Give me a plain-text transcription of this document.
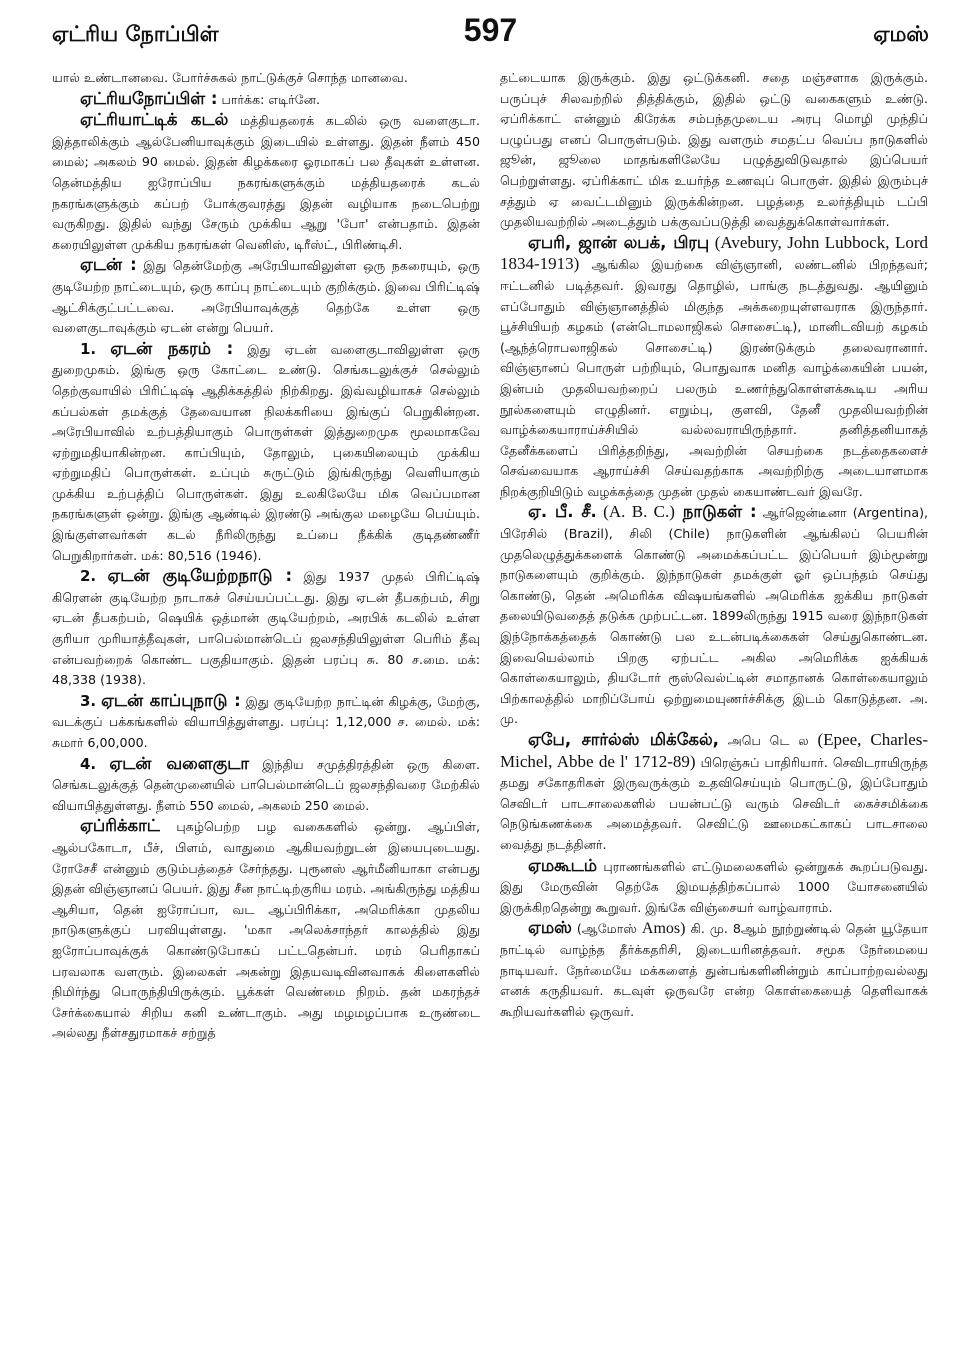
ஏட்ரிய நோப்பிள்	597	ஏமஸ்

யால் உண்டானவை. போர்ச்சுகல் நாட்டுக்குச் சொந்த மானவை.

ஏட்ரியநோப்பிள் : பார்க்க: எடிர்னே.

ஏட்ரியாட்டிக் கடல் மத்தியதரைக் கடலில் ஒரு வளைகுடா. இத்தாலிக்கும் ஆல்பேனியாவுக்கும் இடையில் உள்ளது. இதன் நீளம் 450 மைல்; அகலம் 90 மைல். இதன் கிழக்கரை ஓரமாகப் பல தீவுகள் உள்ளன. தென்மத்திய ஐரோப்பிய நகரங்களுக்கும் மத்தியதரைக் கடல் நகரங்களுக்கும் கப்பற் போக்குவரத்து இதன் வழியாக நடைபெற்று வருகிறது. இதில் வந்து சேரும் முக்கிய ஆறு 'போ' என்பதாம். இதன் கரையிலுள்ள முக்கிய நகரங்கள் வெனிஸ், டிரீஸ்ட், பிரிண்டிசி.

ஏடன் : இது தென்மேற்கு அரேபியாவிலுள்ள ஒரு நகரையும், ஒரு குடியேற்ற நாட்டையும், ஒரு காப்பு நாட்டையும் குறிக்கும். இவை பிரிட்டிஷ் ஆட்சிக்குட்பட்டவை. அரேபியாவுக்குத் தெற்கே உள்ள ஒரு வளைகுடாவுக்கும் ஏடன் என்று பெயர்.

1. ஏடன் நகரம் : இது ஏடன் வளைகுடாவிலுள்ள ஒரு துறைமுகம். இங்கு ஒரு கோட்டை உண்டு. செங்கடலுக்குச் செல்லும் தெற்குவாயில் பிரிட்டிஷ் ஆதிக்கத்தில் நிற்கிறது. இவ்வழியாகச் செல்லும் கப்பல்கள் தமக்குத் தேவையான நிலக்கரியை இங்குப் பெறுகின்றன. அரேபியாவில் உற்பத்தியாகும் பொருள்கள் இத்துறைமுக மூலமாகவே ஏற்றுமதியாகின்றன. காப்பியும், தோலும், புகையிலையும் முக்கிய ஏற்றுமதிப் பொருள்கள். உப்பும் சுருட்டும் இங்கிருந்து வெளியாகும் முக்கிய உற்பத்திப் பொருள்கள். இது உலகிலேயே மிக வெப்பமான நகரங்களுள் ஒன்று. இங்கு ஆண்டில் இரண்டு அங்குல மழையே பெய்யும். இங்குள்ளவர்கள் கடல் நீரிலிருந்து உப்பை நீக்கிக் குடிதண்ணீர் பெறுகிறார்கள். மக்: 80,516 (1946).

2. ஏடன் குடியேற்றநாடு : இது 1937 முதல் பிரிட்டிஷ் கிரௌன் குடியேற்ற நாடாகச் செய்யப்பட்டது. இது ஏடன் தீபகற்பம், சிறு ஏடன் தீபகற்பம், ஷெயிக் ஒத்மான் குடியேற்றம், அரபிக் கடலில் உள்ள குரியா முரியாத்தீவுகள், பாபெல்மான்டெப் ஜலசந்தியிலுள்ள பெரிம் தீவு என்பவற்றைக் கொண்ட பகுதியாகும். இதன் பரப்பு சு. 80 ச.மை. மக்: 48,338 (1938).

3. ஏடன் காப்புநாடு : இது குடியேற்ற நாட்டின் கிழக்கு, மேற்கு, வடக்குப் பக்கங்களில் வியாபித்துள்ளது. பரப்பு: 1,12,000 ச. மைல். மக்: சுமார் 6,00,000.

4. ஏடன் வளைகுடா இந்திய சமுத்திரத்தின் ஒரு கிளை. செங்கடலுக்குத் தென்முனையில் பாபெல்மான்டெப் ஜலசந்திவரை மேற்கில் வியாபித்துள்ளது. நீளம் 550 மைல், அகலம் 250 மைல்.

ஏப்ரிக்காட் புகழ்பெற்ற பழ வகைகளில் ஒன்று. ஆப்பிள், ஆல்பகோடா, பீச், பிளம், வாதுமை ஆகியவற்றுடன் இயைபுடையது. ரோசேசீ என்னும் குடும்பத்தைச் சேர்ந்தது. புரூனஸ் ஆர்மீனியாகா என்பது இதன் விஞ்ஞானப் பெயர். இது சீன நாட்டிற்குரிய மரம். அங்கிருந்து மத்திய ஆசியா, தென் ஐரோப்பா, வட ஆப்பிரிக்கா, அமெரிக்கா முதலிய நாடுகளுக்குப் பரவியுள்ளது. 'மகா அலெக்சாந்தர் காலத்தில் இது ஐரோப்பாவுக்குக் கொண்டுபோகப் பட்டதென்பர். மரம் பெரிதாகப் பரவலாக வளரும். இலைகள் அகன்று இதயவடிவினவாகக் கிளைகளில் நிமிர்ந்து பொருந்தியிருக்கும். பூக்கள் வெண்மை நிறம். தன் மகரந்தச் சேர்க்கையால் சிறிய கனி உண்டாகும். அது மழமழப்பாக உருண்டை அல்லது நீள்சதுரமாகச் சற்றுத்

தட்டையாக இருக்கும். இது ஒட்டுக்கனி. சதை மஞ்சளாக இருக்கும். பருப்புச் சிலவற்றில் தித்திக்கும், இதில் ஒட்டு வகைகளும் உண்டு. ஏப்ரிக்காட் என்னும் கிரேக்க சம்பந்தமுடைய அரபு மொழி முந்திப் பழுப்பது எனப் பொருள்படும். இது வளரும் சமதட்ப வெப்ப நாடுகளில் ஜூன், ஜூலை மாதங்களிலேயே பழுத்துவிடுவதால் இப்பெயர் பெற்றுள்ளது. ஏப்ரிக்காட் மிக உயர்ந்த உணவுப் பொருள். இதில் இரும்புச் சத்தும் ஏ வைட்டமினும் இருக்கின்றன. பழத்தை உலர்த்தியும் டப்பி முதலியவற்றில் அடைத்தும் பக்குவப்படுத்தி வைத்துக்கொள்வார்கள்.

ஏபரி, ஜான் லபக், பிரபு (Avebury, John Lubbock, Lord 1834-1913) ஆங்கில இயற்கை விஞ்ஞானி, லண்டனில் பிறந்தவர்; ஈட்டனில் படித்தவர். இவரது தொழில், பாங்கு நடத்துவது. ஆயினும் எப்போதும் விஞ்ஞானத்தில் மிகுந்த அக்கறையுள்ளவராக இருந்தார். பூச்சியியற் கழகம் (என்டொமலாஜிகல் சொசைட்டி), மானிடவியற் கழகம் (ஆந்த்ரொபலாஜிகல் சொசைட்டி) இரண்டுக்கும் தலைவரானார். விஞ்ஞானப் பொருள் பற்றியும், பொதுவாக மனித வாழ்க்கையின் பயன், இன்பம் முதலியவற்றைப் பலரும் உணர்ந்துகொள்ளக்கூடிய அரிய நூல்களையும் எழுதினர். எறும்பு, குளவி, தேனீ முதலியவற்றின் வாழ்க்கையாராய்ச்சியில் வல்லவராயிருந்தார். தனித்தனியாகத் தேனீக்களைப் பிரித்தறிந்து, அவற்றின் செயற்கை நடத்தைகளைச் செவ்வையாக ஆராய்ச்சி செய்வதற்காக அவற்றிற்கு அடையாளமாக நிறக்குறியிடும் வழக்கத்தை முதன் முதல் கையாண்டவர் இவரே.

ஏ. பீ. சீ. (A. B. C.) நாடுகள் : ஆர்ஜென்டீனா (Argentina), பிரேசில் (Brazil), சிலி (Chile) நாடுகளின் ஆங்கிலப் பெயரின் முதலெழுத்துக்களைக் கொண்டு அமைக்கப்பட்ட இப்பெயர் இம்மூன்று நாடுகளையும் குறிக்கும். இந்நாடுகள் தமக்குள் ஓர் ஒப்பந்தம் செய்து கொண்டு, தென் அமெரிக்க விஷயங்களில் அமெரிக்க ஐக்கிய நாடுகள் தலையிடுவதைத் தடுக்க முற்பட்டன. 1899லிருந்து 1915 வரை இந்நாடுகள் இந்நோக்கத்தைக் கொண்டு பல உடன்படிக்கைகள் செய்துகொண்டன. இவையெல்லாம் பிறகு ஏற்பட்ட அகில அமெரிக்க ஐக்கியக் கொள்கையாலும், தியடோர் ரூஸ்வெல்ட்டின் சமாதானக் கொள்கையாலும் பிற்காலத்தில் மாறிப்போய் ஒற்றுமையுணர்ச்சிக்கு இடம் கொடுத்தன. அ. மு.

ஏபே, சார்ல்ஸ் மிக்கேல், அபெ டெ ல (Epee, Charles-Michel, Abbe de l' 1712-89) பிரெஞ்சுப் பாதிரியார். செவிடராயிருந்த தமது சகோதரிகள் இருவருக்கும் உதவிசெய்யும் பொருட்டு, இப்போதும் செவிடர் பாடசாலைகளில் பயன்பட்டு வரும் செவிடர் கைச்சமிக்கை நெடுங்கணக்கை அமைத்தவர். செவிட்டு ஊமைகட்காகப் பாடசாலை வைத்து நடத்தினர்.

ஏமகூடம் புராணங்களில் எட்டுமலைகளில் ஒன்றுகக் கூறப்படுவது. இது மேருவின் தெற்கே இமயத்திற்கப்பால் 1000 யோசனையில் இருக்கிறதென்று கூறுவர். இங்கே விஞ்சையர் வாழ்வாராம்.

ஏமஸ் (ஆமோஸ் Amos) கி. மு. 8ஆம் நூற்றுண்டில் தென் யூதேயா நாட்டில் வாழ்ந்த தீர்க்கதரிசி, இடையரினத்தவர். சமூக நேர்மையை நாடியவர். நேர்மையே மக்களைத் துன்பங்களினின்றும் காப்பாற்றவல்லது எனக் கருதியவர். கடவுள் ஒருவரே என்ற கொள்கையைத் தெளிவாகக் கூறியவர்களில் ஒருவர்.
